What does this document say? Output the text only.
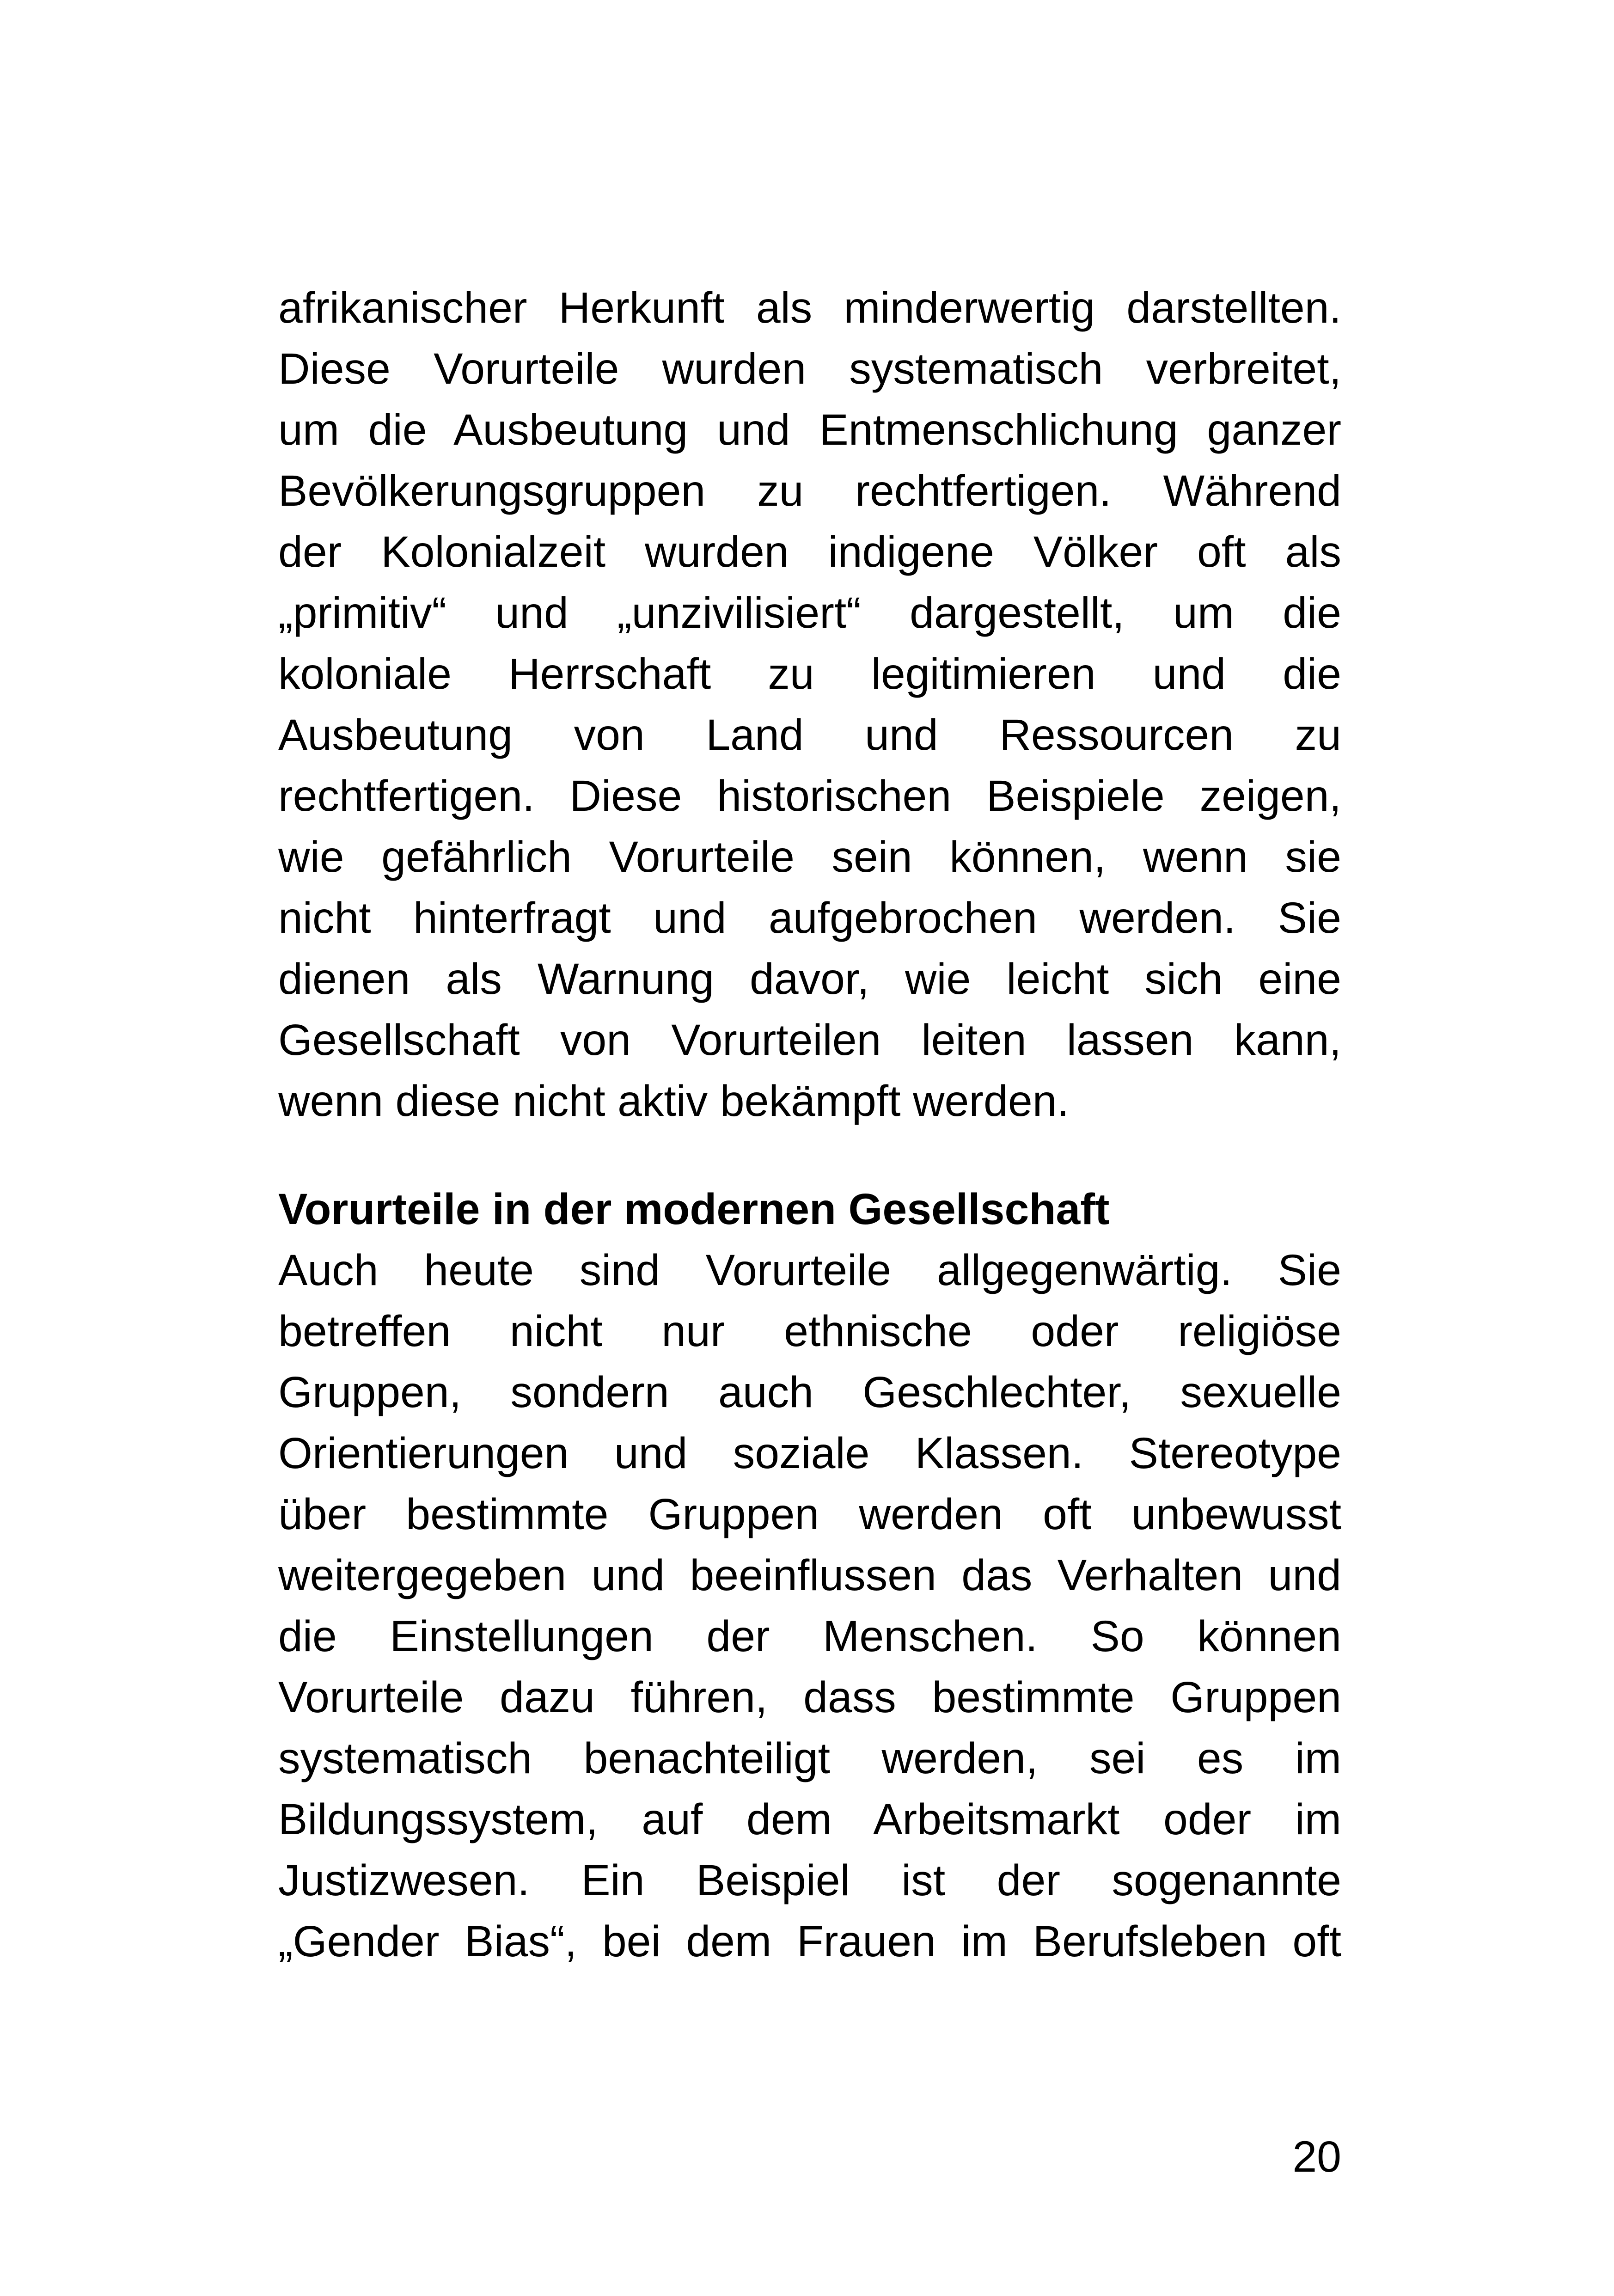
afrikanischer Herkunft als minderwertig darstellten.
Diese Vorurteile wurden systematisch verbreitet,
um die Ausbeutung und Entmenschlichung ganzer
Bevölkerungsgruppen zu rechtfertigen. Während
der Kolonialzeit wurden indigene Völker oft als
„primitiv“ und „unzivilisiert“ dargestellt, um die
koloniale Herrschaft zu legitimieren und die
Ausbeutung von Land und Ressourcen zu
rechtfertigen. Diese historischen Beispiele zeigen,
wie gefährlich Vorurteile sein können, wenn sie
nicht hinterfragt und aufgebrochen werden. Sie
dienen als Warnung davor, wie leicht sich eine
Gesellschaft von Vorurteilen leiten lassen kann,
wenn diese nicht aktiv bekämpft werden.
Vorurteile in der modernen Gesellschaft
Auch heute sind Vorurteile allgegenwärtig. Sie
betreffen nicht nur ethnische oder religiöse
Gruppen, sondern auch Geschlechter, sexuelle
Orientierungen und soziale Klassen. Stereotype
über bestimmte Gruppen werden oft unbewusst
weitergegeben und beeinflussen das Verhalten und
die Einstellungen der Menschen. So können
Vorurteile dazu führen, dass bestimmte Gruppen
systematisch benachteiligt werden, sei es im
Bildungssystem, auf dem Arbeitsmarkt oder im
Justizwesen. Ein Beispiel ist der sogenannte
„Gender Bias“, bei dem Frauen im Berufsleben oft
20
